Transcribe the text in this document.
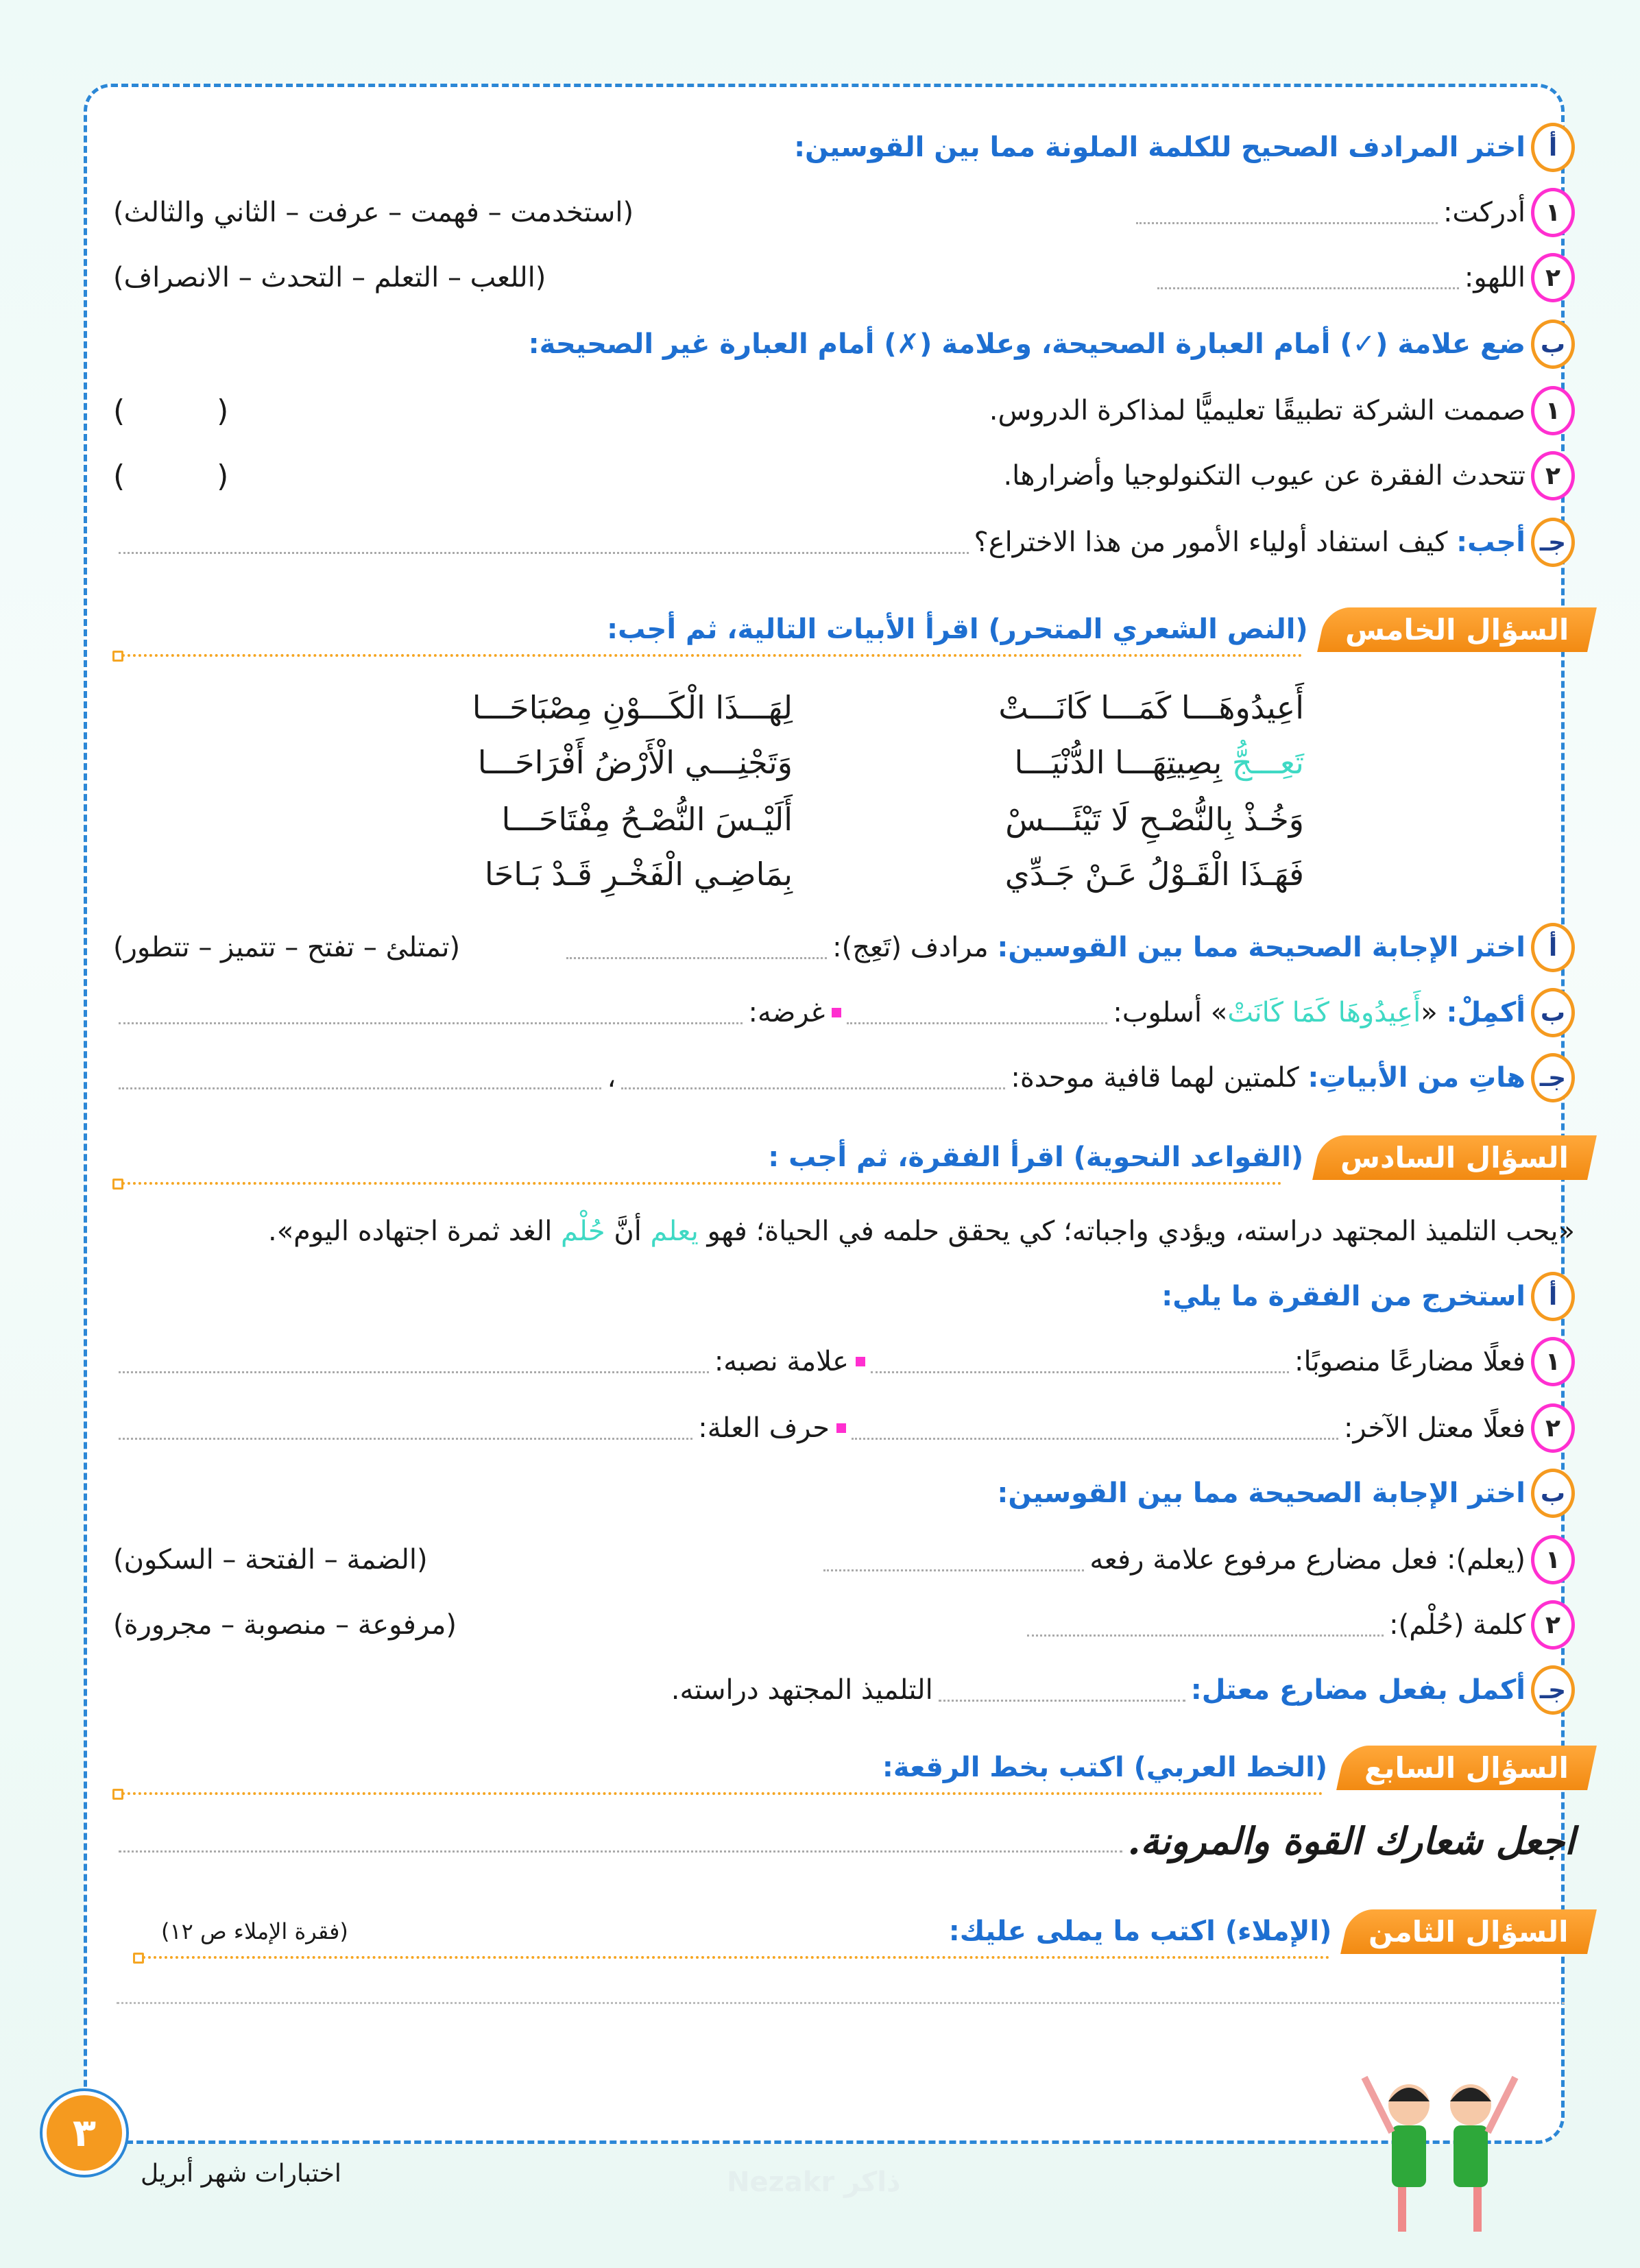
أ
اختر المرادف الصحيح للكلمة الملونة مما بين القوسين:
١
أدركت:
(استخدمت – فهمت – عرفت – الثاني والثالث)
٢
اللهو:
(اللعب – التعلم – التحدث – الانصراف)
ب
ضع علامة (✓) أمام العبارة الصحيحة، وعلامة (✗) أمام العبارة غير الصحيحة:
١
صممت الشركة تطبيقًا تعليميًّا لمذاكرة الدروس.
( )
٢
تتحدث الفقرة عن عيوب التكنولوجيا وأضرارها.
( )
جـ
أجب:

كيف استفاد أولياء الأمور من هذا الاختراع؟
السؤال الخامس
(النص الشعري المتحرر) اقرأ الأبيات التالية، ثم أجب:
أَعِيدُوهَـــا كَمَـــا كَانَـــتْ
لِهَـــذَا الْكَـــوْنِ مِصْبَاحَـــا
تَعِـــجُّ بِصِيتِهَـــا الدُّنْيَـــا
وَتَجْنِـــي الْأَرْضُ أَفْرَاحَـــا
وَخُـذْ بِالنُّصْـحِ لَا تَيْئَـــسْ
أَلَيْـسَ النُّصْـحُ مِفْتَاحَـــا
فَهَـذَا الْقَـوْلُ عَـنْ جَـدِّي
بِمَاضِـي الْفَخْـرِ قَـدْ بَـاحَا
أ
اختر الإجابة الصحيحة مما بين القوسين:

مرادف (تَعِج):
(تمتلئ – تفتح – تتميز – تتطور)
ب
أكمِلْ:

«
أَعِيدُوهَا كَمَا كَانَتْ
»

أسلوب:
غرضه:
جـ
هاتِ من الأبياتِ:

كلمتين لهما قافية موحدة:
،
السؤال السادس
(القواعد النحوية) اقرأ الفقرة، ثم أجب :
«يحب التلميذ المجتهد دراسته، ويؤدي واجباته؛ كي يحقق حلمه في الحياة؛ فهو يعلم أنَّ حُلْم الغد ثمرة اجتهاده اليوم».
أ
استخرج من الفقرة ما يلي:
١
فعلًا مضارعًا منصوبًا:
علامة نصبه:
٢
فعلًا معتل الآخر:
حرف العلة:
ب
اختر الإجابة الصحيحة مما بين القوسين:
١
(يعلم): فعل مضارع مرفوع علامة رفعه
(الضمة – الفتحة – السكون)
٢
كلمة (حُلْم):
(مرفوعة – منصوبة – مجرورة)
جـ
أكمل بفعل مضارع معتل:
التلميذ المجتهد دراسته.
السؤال السابع
(الخط العربي) اكتب بخط الرقعة:
اجعل شعارك القوة والمرونة.
السؤال الثامن
(الإملاء) اكتب ما يملى عليك:
(فقرة الإملاء ص ١٢)
٣
اختبارات شهر أبريل	Nezakr ذاكر
